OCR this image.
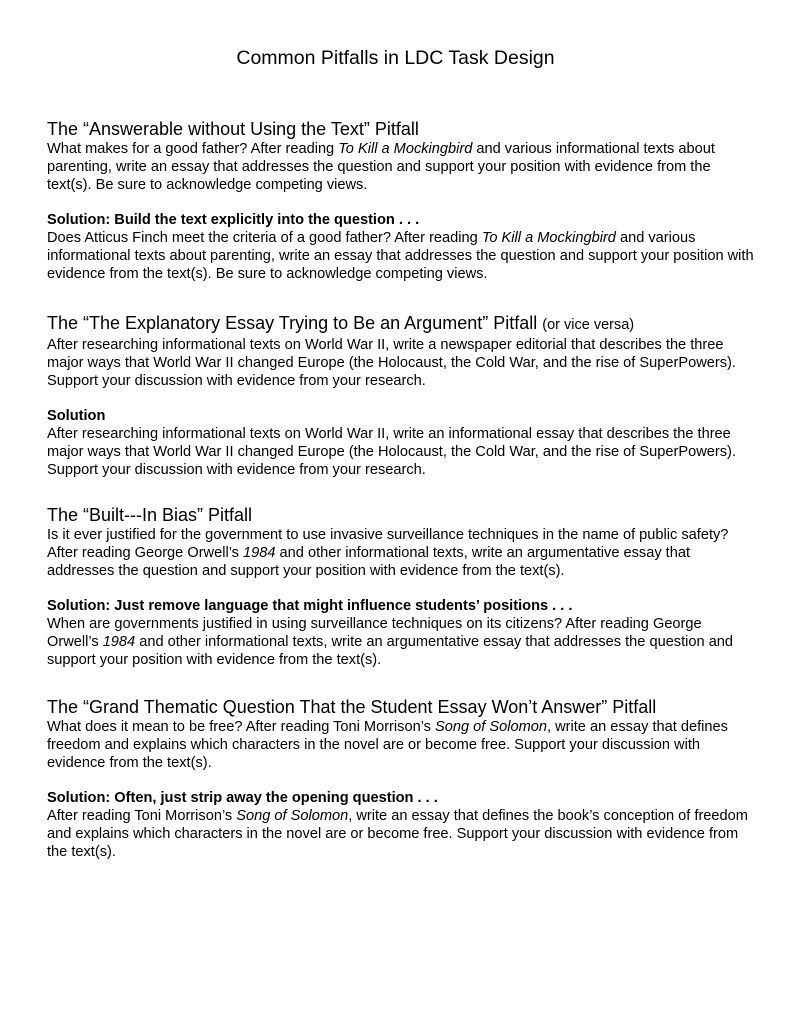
Common Pitfalls in LDC Task Design

The “Answerable without Using the Text” Pitfall

What makes for a good father? After reading To Kill a Mockingbird and various informational texts about parenting, write an essay that addresses the question and support your position with evidence from the text(s). Be sure to acknowledge competing views.

Solution: Build the text explicitly into the question . . .

Does Atticus Finch meet the criteria of a good father? After reading To Kill a Mockingbird and various informational texts about parenting, write an essay that addresses the question and support your position with evidence from the text(s). Be sure to acknowledge competing views.

The “The Explanatory Essay Trying to Be an Argument” Pitfall (or vice versa)

After researching informational texts on World War II, write a newspaper editorial that describes the three major ways that World War II changed Europe (the Holocaust, the Cold War, and the rise of SuperPowers). Support your discussion with evidence from your research.

Solution

After researching informational texts on World War II, write an informational essay that describes the three major ways that World War II changed Europe (the Holocaust, the Cold War, and the rise of SuperPowers). Support your discussion with evidence from your research.

The “Built---In Bias” Pitfall

Is it ever justified for the government to use invasive surveillance techniques in the name of public safety? After reading George Orwell’s 1984 and other informational texts, write an argumentative essay that addresses the question and support your position with evidence from the text(s).

Solution: Just remove language that might influence students’ positions . . .

When are governments justified in using surveillance techniques on its citizens? After reading George Orwell’s 1984 and other informational texts, write an argumentative essay that addresses the question and support your position with evidence from the text(s).

The “Grand Thematic Question That the Student Essay Won’t Answer” Pitfall

What does it mean to be free? After reading Toni Morrison’s Song of Solomon, write an essay that defines freedom and explains which characters in the novel are or become free. Support your discussion with evidence from the text(s).

Solution: Often, just strip away the opening question . . .

After reading Toni Morrison’s Song of Solomon, write an essay that defines the book’s conception of freedom and explains which characters in the novel are or become free. Support your discussion with evidence from the text(s).
